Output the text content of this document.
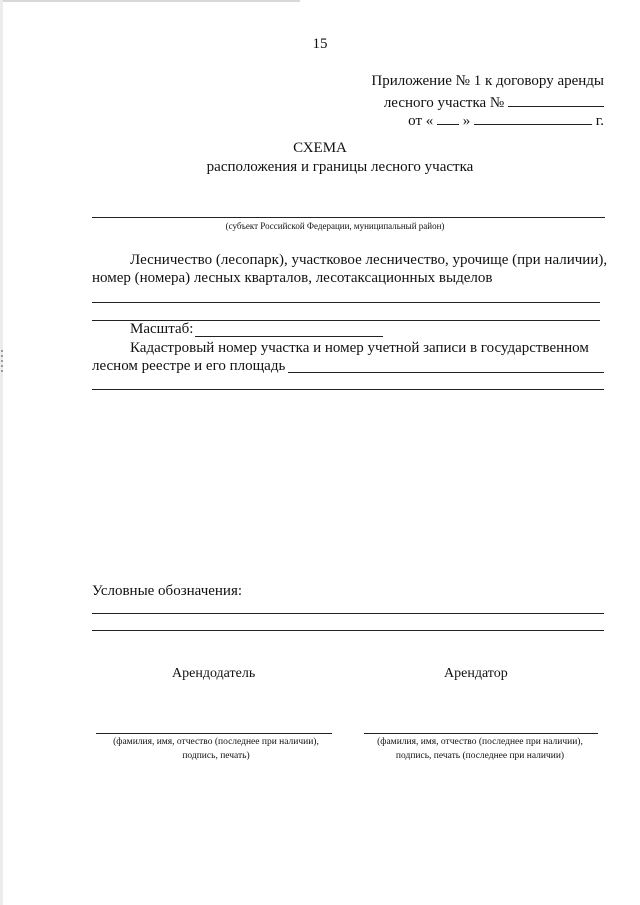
15
Приложение № 1 к договору аренды
лесного участка №
от « »	г.
СХЕМА
расположения и границы лесного участка
(субъект Российской Федерации, муниципальный район)
Лесничество (лесопарк), участковое лесничество, урочище (при наличии),
номер (номера) лесных кварталов, лесотаксационных выделов
Масштаб:
Кадастровый номер участка и номер учетной записи в государственном
лесном реестре и его площадь
Условные обозначения:
Арендодатель	Арендатор
(фамилия, имя, отчество (последнее при наличии),
подпись, печать)
(фамилия, имя, отчество (последнее при наличии),
подпись, печать (последнее при наличии)
